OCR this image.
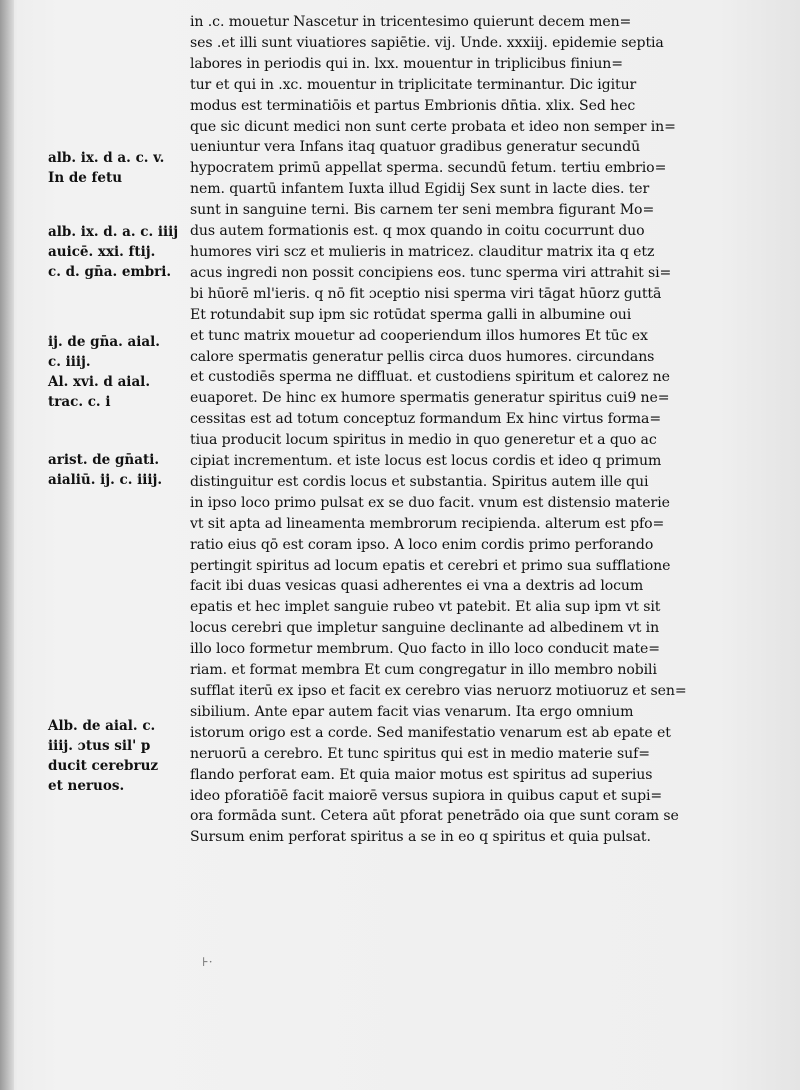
in .c. mouetur Nascetur in tricentesimo quierunt decem men=
ses .et illi sunt viuatiores sapiētie. vij. Unde. xxxiij. epidemie septia
labores in periodis qui in. lxx. mouentur in triplicibus finiun=
tur et qui in .xc. mouentur in triplicitate terminantur. Dic igitur
modus est terminatiōis et partus Embrionis dn̄tia. xlix. Sed hec
que sic dicunt medici non sunt certe probata et ideo non semper in=
ueniuntur vera Infans itaq quatuor gradibus generatur secundū
hypocratem primū appellat sperma. secundū fetum. tertiu embrio=
nem. quartū infantem Iuxta illud Egidij Sex sunt in lacte dies. ter
sunt in sanguine terni. Bis carnem ter seni membra figurant Mo=
dus autem formationis est. q mox quando in coitu cocurrunt duo
humores viri scz et mulieris in matricez. clauditur matrix ita q etz
acus ingredi non possit concipiens eos. tunc sperma viri attrahit si=
bi hūorē ml'ieris. q nō fit ɔceptio nisi sperma viri tāgat hūorz guttā
Et rotundabit sup ipm sic rotūdat sperma galli in albumine oui
et tunc matrix mouetur ad cooperiendum illos humores Et tūc ex
calore spermatis generatur pellis circa duos humores. circundans
et custodiēs sperma ne diffluat. et custodiens spiritum et calorez ne
euaporet. De hinc ex humore spermatis generatur spiritus cui9 ne=
cessitas est ad totum conceptuz formandum Ex hinc virtus forma=
tiua producit locum spiritus in medio in quo generetur et a quo ac
cipiat incrementum. et iste locus est locus cordis et ideo q primum
distinguitur est cordis locus et substantia. Spiritus autem ille qui
in ipso loco primo pulsat ex se duo facit. vnum est distensio materie
vt sit apta ad lineamenta membrorum recipienda. alterum est pfo=
ratio eius qō est coram ipso. A loco enim cordis primo perforando
pertingit spiritus ad locum epatis et cerebri et primo sua sufflatione
facit ibi duas vesicas quasi adherentes ei vna a dextris ad locum
epatis et hec implet sanguie rubeo vt patebit. Et alia sup ipm vt sit
locus cerebri que impletur sanguine declinante ad albedinem vt in
illo loco formetur membrum. Quo facto in illo loco conducit mate=
riam. et format membra Et cum congregatur in illo membro nobili
sufflat iterū ex ipso et facit ex cerebro vias neruorz motiuoruz et sen=
sibilium. Ante epar autem facit vias venarum. Ita ergo omnium
istorum origo est a corde. Sed manifestatio venarum est ab epate et
neruorū a cerebro. Et tunc spiritus qui est in medio materie suf=
flando perforat eam. Et quia maior motus est spiritus ad superius
ideo pforatiōē facit maiorē versus supiora in quibus caput et supi=
ora formāda sunt. Cetera aūt pforat penetrādo oia que sunt coram se
Sursum enim perforat spiritus a se in eo q spiritus et quia pulsat.
alb. ix. d a. c. v.
In de fetu
alb. ix. d. a. c. iiij
auicē. xxi. ftij.
c. d. gn̄a. embri.
ij. de gn̄a. aial.
c. iiij.
Al. xvi. d aial.
trac. c. i
arist. de gn̄ati.
aialiū. ij. c. iiij.
Alb. de aial. c.
iiij. ɔtus sil' p
ducit cerebruz
et neruos.
⊦·
